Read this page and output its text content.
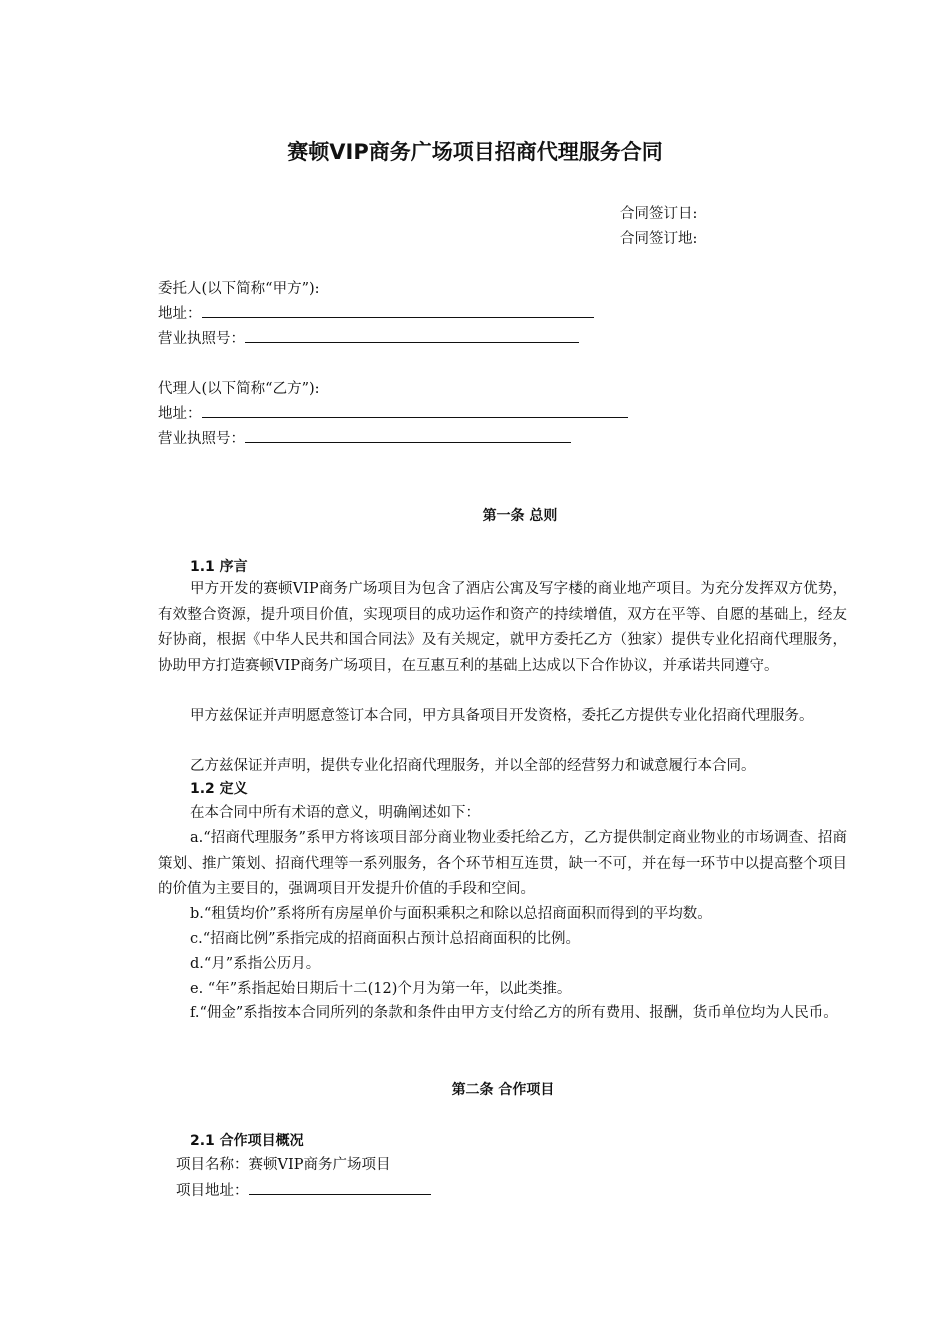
赛顿VIP商务广场项目招商代理服务合同
合同签订日:
合同签订地:
委托人(以下简称“甲方”):
地址：
营业执照号：
代理人(以下简称“乙方”):
地址：
营业执照号：
第一条 总则
1.1 序言
甲方开发的赛顿VIP商务广场项目为包含了酒店公寓及写字楼的商业地产项目。为充分发挥双方优势，有效整合资源，提升项目价值，实现项目的成功运作和资产的持续增值，双方在平等、自愿的基础上，经友好协商，根据《中华人民共和国合同法》及有关规定，就甲方委托乙方（独家）提供专业化招商代理服务，协助甲方打造赛顿VIP商务广场项目，在互惠互利的基础上达成以下合作协议，并承诺共同遵守。
甲方兹保证并声明愿意签订本合同，甲方具备项目开发资格，委托乙方提供专业化招商代理服务。
乙方兹保证并声明，提供专业化招商代理服务，并以全部的经营努力和诚意履行本合同。
1.2 定义
在本合同中所有术语的意义，明确阐述如下：
a.“招商代理服务”系甲方将该项目部分商业物业委托给乙方，乙方提供制定商业物业的市场调查、招商策划、推广策划、招商代理等一系列服务，各个环节相互连贯，缺一不可，并在每一环节中以提高整个项目的价值为主要目的，强调项目开发提升价值的手段和空间。
b.“租赁均价”系将所有房屋单价与面积乘积之和除以总招商面积而得到的平均数。
c.“招商比例”系指完成的招商面积占预计总招商面积的比例。
d.“月”系指公历月。
e. “年”系指起始日期后十二(12)个月为第一年，以此类推。
f.“佣金”系指按本合同所列的条款和条件由甲方支付给乙方的所有费用、报酬，货币单位均为人民币。
第二条 合作项目
2.1 合作项目概况
项目名称：赛顿VIP商务广场项目
项目地址：
